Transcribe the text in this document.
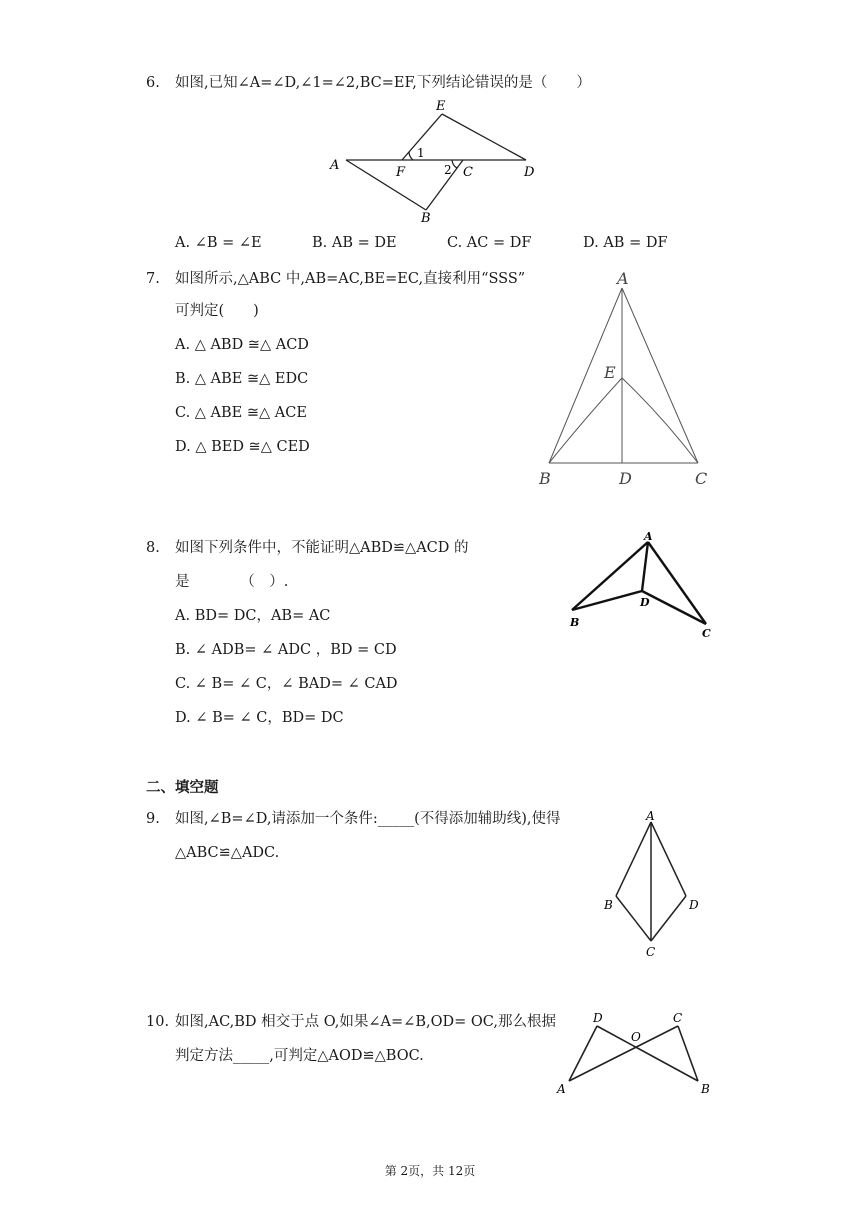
6. 如图,已知∠A=∠D,∠1=∠2,BC=EF,下列结论错误的是（　　）
E
A	F
1
2 C	D
B
A. ∠B = ∠E	B. AB = DE	C. AC = DF	D. AB = DF
7. 如图所示,△ABC 中,AB=AC,BE=EC,直接利用“SSS”
可判定(　　)
A. △ ABD ≅△ ACD
B. △ ABE ≅△ EDC
C. △ ABE ≅△ ACE
D. △ BED ≅△ CED
A
E
B	D	C
8. 如图下列条件中，不能证明△ABD≌△ACD 的
是　　　　（　）.
A. BD= DC，AB= AC
B. ∠ ADB= ∠ ADC ，BD = CD
C. ∠ B= ∠ C，∠ BAD= ∠ CAD
D. ∠ B= ∠ C，BD= DC
A
D
B
C
二、填空题
9. 如图,∠B=∠D,请添加一个条件:_____(不得添加辅助线),使得
△ABC≌△ADC.
A
B	D
C
10. 如图,AC,BD 相交于点 O,如果∠A=∠B,OD= OC,那么根据
判定方法_____,可判定△AOD≌△BOC.
D
O
C
A	B
第 2页，共 12页
